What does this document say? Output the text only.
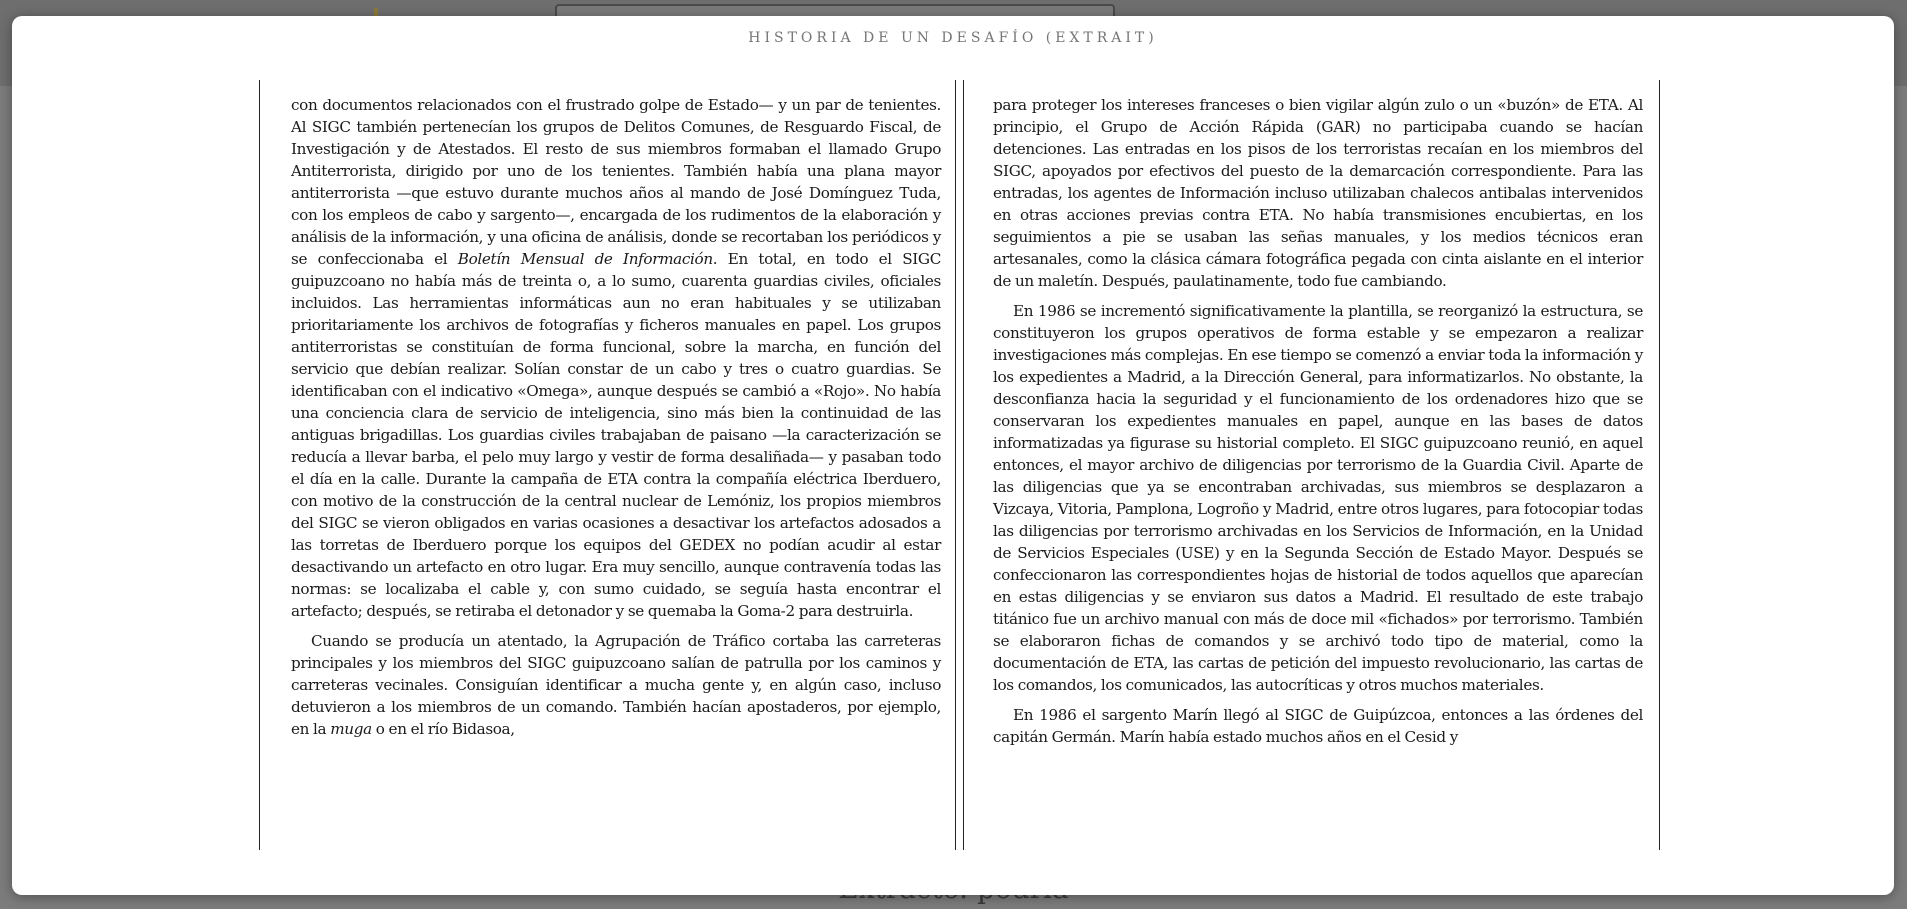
HISTORIA DE UN DESAFÍO (EXTRAIT)

con documentos relacionados con el frustrado golpe de Estado— y un par de tenientes. Al SIGC también pertenecían los grupos de Delitos Comunes, de Resguardo Fiscal, de Investigación y de Atestados. El resto de sus miembros formaban el llamado Grupo Antiterrorista, dirigido por uno de los tenientes. También había una plana mayor antiterrorista —que estuvo durante muchos años al mando de José Domínguez Tuda, con los empleos de cabo y sargento—, encargada de los rudimentos de la elaboración y análisis de la información, y una oficina de análisis, donde se recortaban los periódicos y se confeccionaba el Boletín Mensual de Información. En total, en todo el SIGC guipuzcoano no había más de treinta o, a lo sumo, cuarenta guardias civiles, oficiales incluidos. Las herramientas informáticas aun no eran habituales y se utilizaban prioritariamente los archivos de fotografías y ficheros manuales en papel. Los grupos antiterroristas se constituían de forma funcional, sobre la marcha, en función del servicio que debían realizar. Solían constar de un cabo y tres o cuatro guardias. Se identificaban con el indicativo «Omega», aunque después se cambió a «Rojo». No había una conciencia clara de servicio de inteligencia, sino más bien la continuidad de las antiguas brigadillas. Los guardias civiles trabajaban de paisano —la caracterización se reducía a llevar barba, el pelo muy largo y vestir de forma desaliñada— y pasaban todo el día en la calle. Durante la campaña de ETA contra la compañía eléctrica Iberduero, con motivo de la construcción de la central nuclear de Lemóniz, los propios miembros del SIGC se vieron obligados en varias ocasiones a desactivar los artefactos adosados a las torretas de Iberduero porque los equipos del GEDEX no podían acudir al estar desactivando un artefacto en otro lugar. Era muy sencillo, aunque contravenía todas las normas: se localizaba el cable y, con sumo cuidado, se seguía hasta encontrar el artefacto; después, se retiraba el detonador y se quemaba la Goma-2 para destruirla.

Cuando se producía un atentado, la Agrupación de Tráfico cortaba las carreteras principales y los miembros del SIGC guipuzcoano salían de patrulla por los caminos y carreteras vecinales. Consiguían identificar a mucha gente y, en algún caso, incluso detuvieron a los miembros de un comando. También hacían apostaderos, por ejemplo, en la muga o en el río Bidasoa,

para proteger los intereses franceses o bien vigilar algún zulo o un «buzón» de ETA. Al principio, el Grupo de Acción Rápida (GAR) no participaba cuando se hacían detenciones. Las entradas en los pisos de los terroristas recaían en los miembros del SIGC, apoyados por efectivos del puesto de la demarcación correspondiente. Para las entradas, los agentes de Información incluso utilizaban chalecos antibalas intervenidos en otras acciones previas contra ETA. No había transmisiones encubiertas, en los seguimientos a pie se usaban las señas manuales, y los medios técnicos eran artesanales, como la clásica cámara fotográfica pegada con cinta aislante en el interior de un maletín. Después, paulatinamente, todo fue cambiando.

En 1986 se incrementó significativamente la plantilla, se reorganizó la estructura, se constituyeron los grupos operativos de forma estable y se empezaron a realizar investigaciones más complejas. En ese tiempo se comenzó a enviar toda la información y los expedientes a Madrid, a la Dirección General, para informatizarlos. No obstante, la desconfianza hacia la seguridad y el funcionamiento de los ordenadores hizo que se conservaran los expedientes manuales en papel, aunque en las bases de datos informatizadas ya figurase su historial completo. El SIGC guipuzcoano reunió, en aquel entonces, el mayor archivo de diligencias por terrorismo de la Guardia Civil. Aparte de las diligencias que ya se encontraban archivadas, sus miembros se desplazaron a Vizcaya, Vitoria, Pamplona, Logroño y Madrid, entre otros lugares, para fotocopiar todas las diligencias por terrorismo archivadas en los Servicios de Información, en la Unidad de Servicios Especiales (USE) y en la Segunda Sección de Estado Mayor. Después se confeccionaron las correspondientes hojas de historial de todos aquellos que aparecían en estas diligencias y se enviaron sus datos a Madrid. El resultado de este trabajo titánico fue un archivo manual con más de doce mil «fichados» por terrorismo. También se elaboraron fichas de comandos y se archivó todo tipo de material, como la documentación de ETA, las cartas de petición del impuesto revolucionario, las cartas de los comandos, los comunicados, las autocríticas y otros muchos materiales.

En 1986 el sargento Marín llegó al SIGC de Guipúzcoa, entonces a las órdenes del capitán Germán. Marín había estado muchos años en el Cesid y
